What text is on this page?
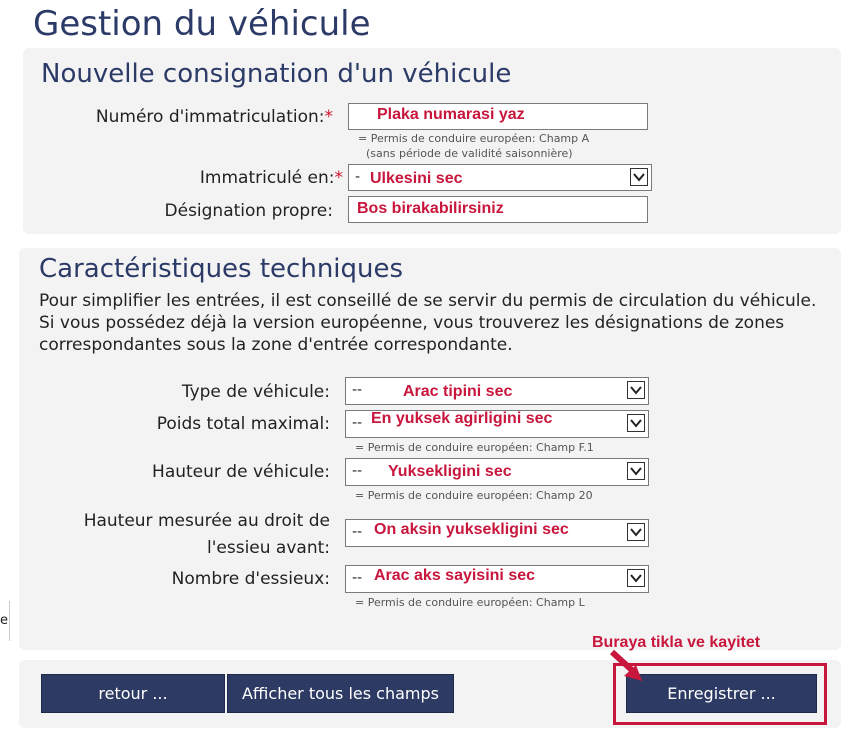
Gestion du véhicule
e
Nouvelle consignation d'un véhicule
Numéro d'immatriculation:*	Plaka numarasi yaz
= Permis de conduire européen: Champ A
(sans période de validité saisonnière)
Immatriculé en:* - Ulkesini sec
Désignation propre: Bos birakabilirsiniz
Caractéristiques techniques
Pour simplifier les entrées, il est conseillé de se servir du permis de circulation du véhicule. Si vous possédez déjà la version européenne, vous trouverez les désignations de zones correspondantes sous la zone d'entrée correspondante.
Type de véhicule: --	Arac tipini sec
Poids total maximal: -- En yuksek agirligini sec
= Permis de conduire européen: Champ F.1
Hauteur de véhicule: -- Yuksekligini sec
= Permis de conduire européen: Champ 20
Hauteur mesurée au droit de
l'essieu avant:
-- On aksin yuksekligini sec
Nombre d'essieux: -- Arac aks sayisini sec
= Permis de conduire européen: Champ L
retour ...	Afficher tous les champs	Enregistrer ...
Buraya tikla ve kayitet
